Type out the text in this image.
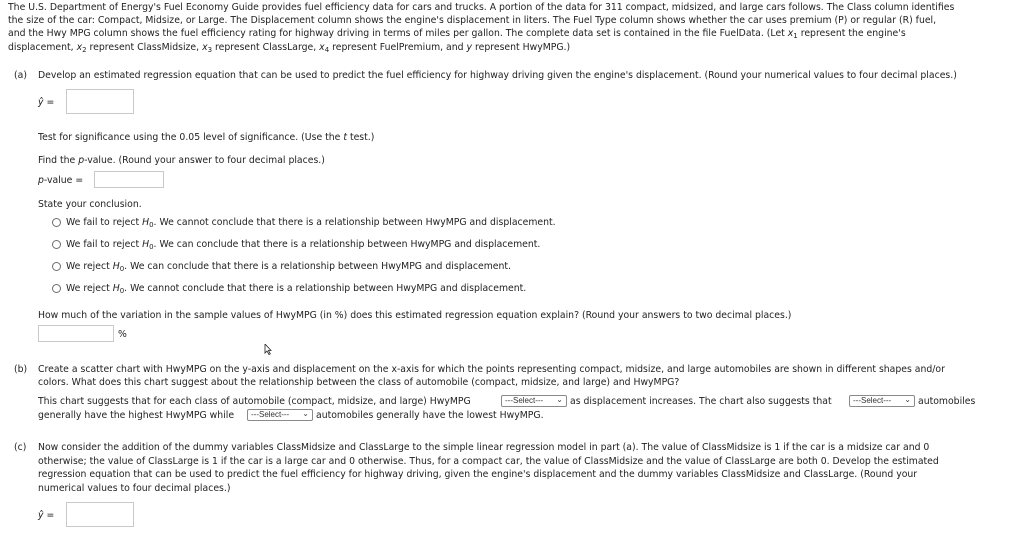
The U.S. Department of Energy's Fuel Economy Guide provides fuel efficiency data for cars and trucks. A portion of the data for 311 compact, midsized, and large cars follows. The Class column identifies
the size of the car: Compact, Midsize, or Large. The Displacement column shows the engine's displacement in liters. The Fuel Type column shows whether the car uses premium (P) or regular (R) fuel,
and the Hwy MPG column shows the fuel efficiency rating for highway driving in terms of miles per gallon. The complete data set is contained in the file FuelData. (Let $x_1$ represent the engine's
displacement, $x_2$ represent ClassMidsize, $x_3$ represent ClassLarge, $x_4$ represent FuelPremium, and y represent HwyMPG.)
(a) Develop an estimated regression equation that can be used to predict the fuel efficiency for highway driving given the engine's displacement. (Round your numerical values to four decimal places.)
ŷ =
Test for significance using the 0.05 level of significance. (Use the t test.)
Find the p-value. (Round your answer to four decimal places.)
p-value =
State your conclusion.
We fail to reject $H_0$. We cannot conclude that there is a relationship between HwyMPG and displacement.
We fail to reject $H_0$. We can conclude that there is a relationship between HwyMPG and displacement.
We reject $H_0$. We can conclude that there is a relationship between HwyMPG and displacement.
We reject $H_0$. We cannot conclude that there is a relationship between HwyMPG and displacement.
How much of the variation in the sample values of HwyMPG (in %) does this estimated regression equation explain? (Round your answers to two decimal places.)
%
(b) Create a scatter chart with HwyMPG on the y-axis and displacement on the x-axis for which the points representing compact, midsize, and large automobiles are shown in different shapes and/or
colors. What does this chart suggest about the relationship between the class of automobile (compact, midsize, and large) and HwyMPG?
This chart suggests that for each class of automobile (compact, midsize, and large) HwyMPG	---Select--- ⌄ as displacement increases. The chart also suggests that	---Select--- ⌄ automobiles
generally have the highest HwyMPG while	---Select--- ⌄ automobiles generally have the lowest HwyMPG.
(c) Now consider the addition of the dummy variables ClassMidsize and ClassLarge to the simple linear regression model in part (a). The value of ClassMidsize is 1 if the car is a midsize car and 0
otherwise; the value of ClassLarge is 1 if the car is a large car and 0 otherwise. Thus, for a compact car, the value of ClassMidsize and the value of ClassLarge are both 0. Develop the estimated
regression equation that can be used to predict the fuel efficiency for highway driving, given the engine's displacement and the dummy variables ClassMidsize and ClassLarge. (Round your
numerical values to four decimal places.)
ŷ =
